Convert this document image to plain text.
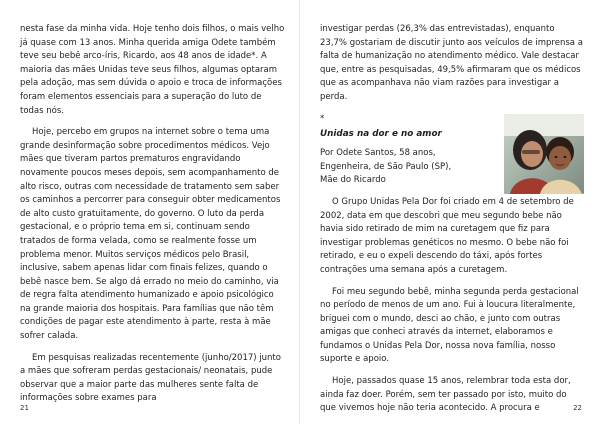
nesta fase da minha vida. Hoje tenho dois filhos, o mais velho já quase com 13 anos. Minha querida amiga Odete também teve seu bebê arco-íris, Ricardo, aos 48 anos de idade*. A maioria das mães Unidas teve seus filhos, algumas optaram pela adoção, mas sem dúvida o apoio e troca de informações foram elementos essenciais para a superação do luto de todas nós.

Hoje, percebo em grupos na internet sobre o tema uma grande desinformação sobre procedimentos médicos. Vejo mães que tiveram partos prematuros engravidando novamente poucos meses depois, sem acompanhamento de alto risco, outras com necessidade de tratamento sem saber os caminhos a percorrer para conseguir obter medicamentos de alto custo gratuitamente, do governo. O luto da perda gestacional, e o próprio tema em si, continuam sendo tratados de forma velada, como se realmente fosse um problema menor. Muitos serviços médicos pelo Brasil, inclusive, sabem apenas lidar com finais felizes, quando o bebê nasce bem. Se algo dá errado no meio do caminho, via de regra falta atendimento humanizado e apoio psicológico na grande maioria dos hospitais. Para famílias que não têm condições de pagar este atendimento à parte, resta à mãe sofrer calada.

Em pesquisas realizadas recentemente (junho/2017) junto a mães que sofreram perdas gestacionais/ neonatais, pude observar que a maior parte das mulheres sente falta de informações sobre exames para

21

investigar perdas (26,3% das entrevistadas), enquanto 23,7% gostariam de discutir junto aos veículos de imprensa a falta de humanização no atendimento médico. Vale destacar que, entre as pesquisadas, 49,5% afirmaram que os médicos que as acompanhava não viam razões para investigar a perda.

*
Unidas na dor e no amor
Por Odete Santos, 58 anos,
Engenheira, de São Paulo (SP),
Mãe do Ricardo

O Grupo Unidas Pela Dor foi criado em 4 de setembro de 2002, data em que descobri que meu segundo bebe não havia sido retirado de mim na curetagem que fiz para investigar problemas genéticos no mesmo. O bebe não foi retirado, e eu o expeli descendo do táxi, após fortes contrações uma semana após a curetagem.

Foi meu segundo bebê, minha segunda perda gestacional no período de menos de um ano. Fui à loucura literalmente, briguei com o mundo, desci ao chão, e junto com outras amigas que conheci através da internet, elaboramos e fundamos o Unidas Pela Dor, nossa nova família, nosso suporte e apoio.

Hoje, passados quase 15 anos, relembrar toda esta dor, ainda faz doer. Porém, sem ter passado por isto, muito do que vivemos hoje não teria acontecido. A procura e	22
